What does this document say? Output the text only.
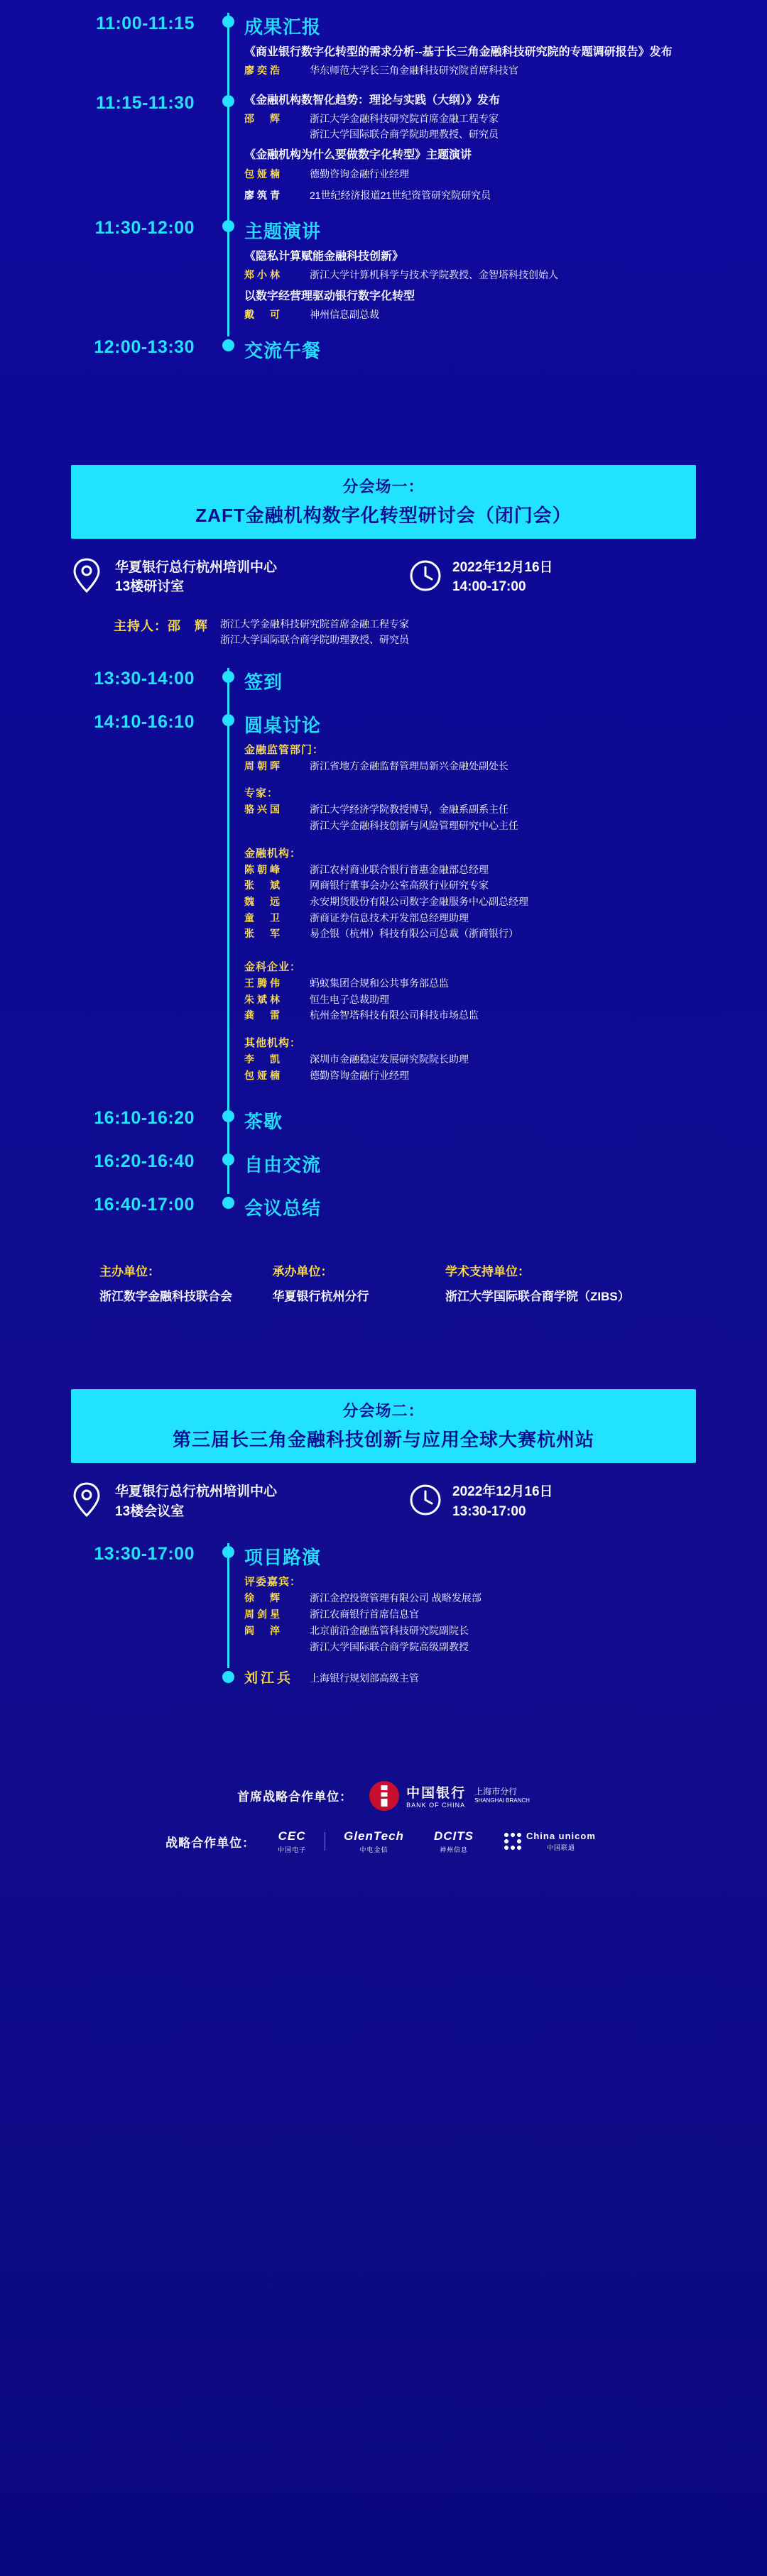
11:00-11:15	成果汇报
《商业银行数字化转型的需求分析--基于长三角金融科技研究院的专题调研报告》发布
廖奕浩	华东师范大学长三角金融科技研究院首席科技官
11:15-11:30	《金融机构数智化趋势：理论与实践（大纲）》发布
邵　辉	浙江大学金融科技研究院首席金融工程专家
浙江大学国际联合商学院助理教授、研究员
《金融机构为什么要做数字化转型》主题演讲
包娅楠	德勤咨询金融行业经理
廖筑青	21世纪经济报道21世纪资管研究院研究员
11:30-12:00	主题演讲
《隐私计算赋能金融科技创新》
郑小林	浙江大学计算机科学与技术学院教授、金智塔科技创始人
以数字经营理驱动银行数字化转型
戴　可	神州信息副总裁
12:00-13:30	交流午餐
分会场一：
ZAFT金融机构数字化转型研讨会（闭门会）
华夏银行总行杭州培训中心
13楼研讨室
2022年12月16日
14:00-17:00
主持人：邵　辉	浙江大学金融科技研究院首席金融工程专家
浙江大学国际联合商学院助理教授、研究员
13:30-14:00	签到
14:10-16:10	圆桌讨论
金融监管部门：
周朝晖	浙江省地方金融监督管理局新兴金融处副处长
专家：
骆兴国	浙江大学经济学院教授博导，金融系副系主任
浙江大学金融科技创新与风险管理研究中心主任
金融机构：
陈朝峰	浙江农村商业联合银行普惠金融部总经理
张　斌	网商银行董事会办公室高级行业研究专家
魏　远	永安期货股份有限公司数字金融服务中心副总经理
童　卫	浙商证券信息技术开发部总经理助理
张　军	易企银（杭州）科技有限公司总裁（浙商银行）
金科企业：
王腾伟	蚂蚁集团合规和公共事务部总监
朱斌林	恒生电子总裁助理
龚　雷	杭州金智塔科技有限公司科技市场总监
其他机构：
李　凯	深圳市金融稳定发展研究院院长助理
包娅楠	德勤咨询金融行业经理
16:10-16:20	茶歇
16:20-16:40	自由交流
16:40-17:00	会议总结
主办单位：
浙江数字金融科技联合会
承办单位：
华夏银行杭州分行
学术支持单位：
浙江大学国际联合商学院（ZIBS）
分会场二：
第三届长三角金融科技创新与应用全球大赛杭州站
华夏银行总行杭州培训中心
13楼会议室
2022年12月16日
13:30-17:00
13:30-17:00	项目路演
评委嘉宾：
徐　辉	浙江金控投资管理有限公司 战略发展部
周剑星	浙江农商银行首席信息官
阎　淬	北京前沿金融监管科技研究院副院长
浙江大学国际联合商学院高级副教授
刘江兵	上海银行规划部高级主管
首席战略合作单位：	中国银行
BANK OF CHINA
上海市分行
SHANGHAI BRANCH
战略合作单位：
CEC
中国电子
GlenTech
中电金信
DCITS
神州信息
China unicom
中国联通
